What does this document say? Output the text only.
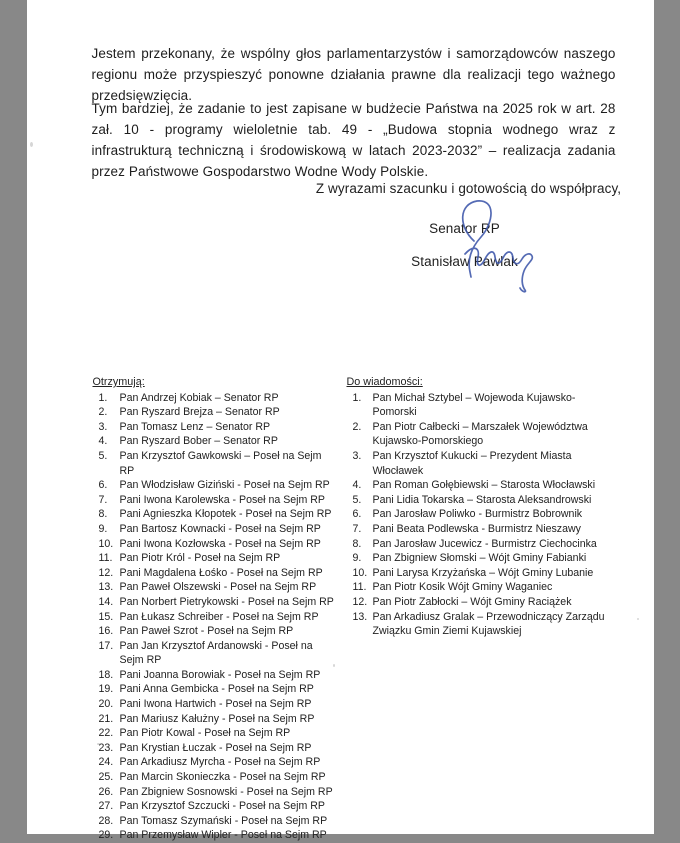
Jestem przekonany, że wspólny głos parlamentarzystów i samorządowców naszego regionu może przyspieszyć ponowne działania prawne dla realizacji tego ważnego przedsięwzięcia.
Tym bardziej, że zadanie to jest zapisane w budżecie Państwa na 2025 rok w art. 28 zał. 10 - programy wieloletnie tab. 49 - „Budowa stopnia wodnego wraz z infrastrukturą techniczną i środowiskową w latach 2023-2032” – realizacja zadania przez Państwowe Gospodarstwo Wodne Wody Polskie.
Z wyrazami szacunku i gotowością do współpracy,
Senator RP
Stanisław Pawlak
Otrzymują:
1.	Pan Andrzej Kobiak – Senator RP
2.	Pan Ryszard Brejza – Senator RP
3.	Pan Tomasz Lenz – Senator RP
4.	Pan Ryszard Bober – Senator RP
5.	Pan Krzysztof Gawkowski – Poseł na Sejm RP
6.	Pan Włodzisław Giziński - Poseł na Sejm RP
7.	Pani Iwona Karolewska - Poseł na Sejm RP
8.	Pani Agnieszka Kłopotek - Poseł na Sejm RP
9.	Pan Bartosz Kownacki - Poseł na Sejm RP
10. Pani Iwona Kozłowska - Poseł na Sejm RP
11. Pan Piotr Król - Poseł na Sejm RP
12. Pani Magdalena Łośko - Poseł na Sejm RP
13. Pan Paweł Olszewski - Poseł na Sejm RP
14. Pan Norbert Pietrykowski - Poseł na Sejm RP
15. Pan Łukasz Schreiber - Poseł na Sejm RP
16. Pan Paweł Szrot - Poseł na Sejm RP
17. Pan Jan Krzysztof Ardanowski - Poseł na Sejm RP
18. Pani Joanna Borowiak - Poseł na Sejm RP
19. Pani Anna Gembicka - Poseł na Sejm RP
20. Pani Iwona Hartwich - Poseł na Sejm RP
21. Pan Mariusz Kałużny - Poseł na Sejm RP
22. Pan Piotr Kowal - Poseł na Sejm RP
23. Pan Krystian Łuczak - Poseł na Sejm RP
24. Pan Arkadiusz Myrcha - Poseł na Sejm RP
25. Pan Marcin Skonieczka - Poseł na Sejm RP
26. Pan Zbigniew Sosnowski - Poseł na Sejm RP
27. Pan Krzysztof Szczucki - Poseł na Sejm RP
28. Pan Tomasz Szymański - Poseł na Sejm RP
29. Pan Przemysław Wipler - Poseł na Sejm RP
Do wiadomości:
1.	Pan Michał Sztybel – Wojewoda Kujawsko-Pomorski
2.	Pan Piotr Całbecki – Marszałek Województwa Kujawsko-Pomorskiego
3.	Pan Krzysztof Kukucki – Prezydent Miasta Włocławek
4.	Pan Roman Gołębiewski – Starosta Włocławski
5.	Pani Lidia Tokarska – Starosta Aleksandrowski
6.	Pan Jarosław Poliwko - Burmistrz Bobrownik
7.	Pani Beata Podlewska - Burmistrz Nieszawy
8.	Pan Jarosław Jucewicz - Burmistrz Ciechocinka
9.	Pan Zbigniew Słomski – Wójt Gminy Fabianki
10. Pani Larysa Krzyżańska – Wójt Gminy Lubanie
11. Pan Piotr Kosik Wójt Gminy Waganiec
12. Pan Piotr Zabłocki – Wójt Gminy Raciążek
13. Pan Arkadiusz Gralak – Przewodniczący Zarządu Związku Gmin Ziemi Kujawskiej
